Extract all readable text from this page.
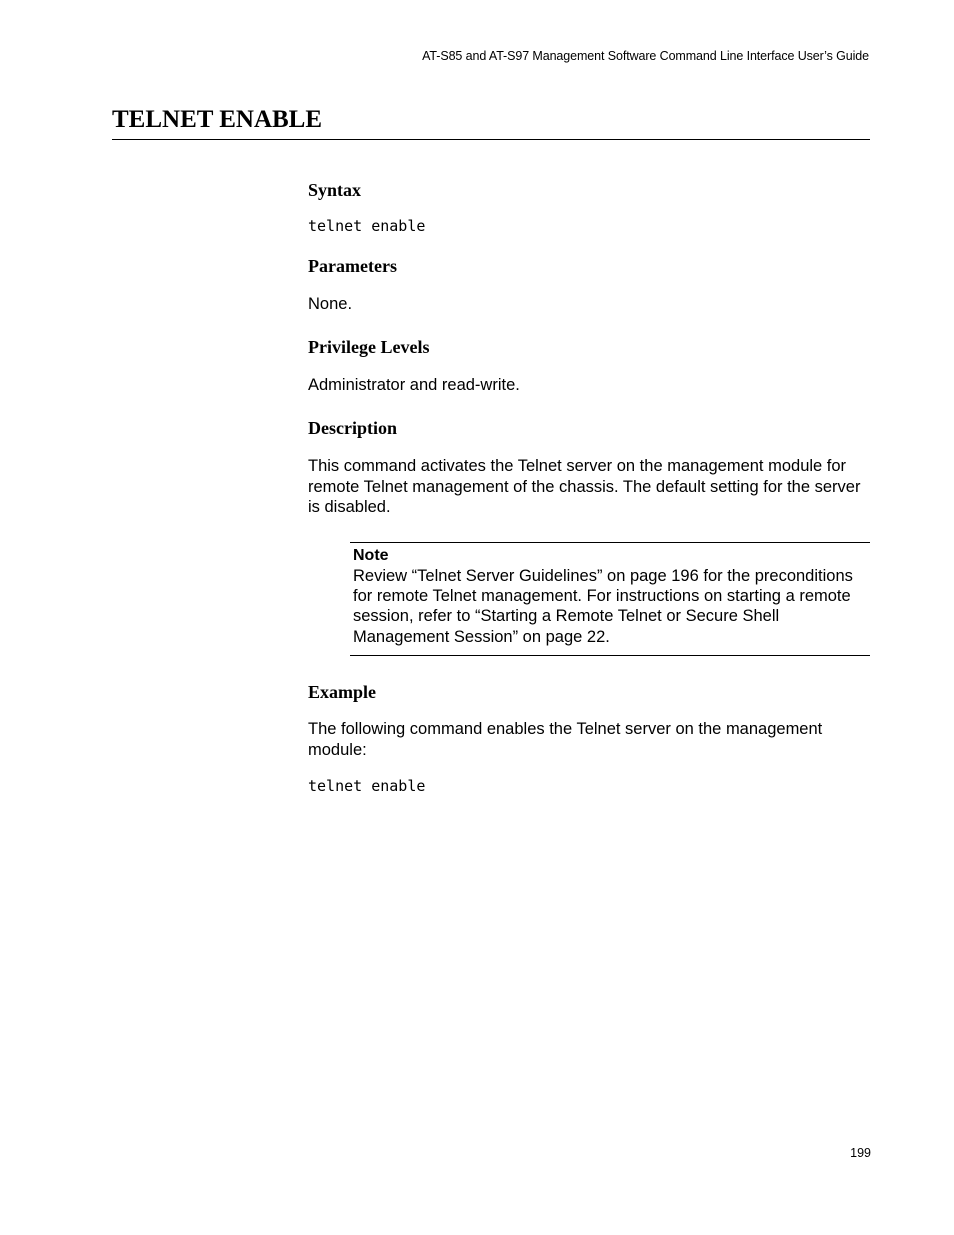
AT-S85 and AT-S97 Management Software Command Line Interface User’s Guide
TELNET ENABLE
Syntax
telnet enable
Parameters

None.

Privilege Levels

Administrator and read-write.

Description

This command activates the Telnet server on the management module for remote Telnet management of the chassis. The default setting for the server is disabled.

Note

Review “Telnet Server Guidelines” on page 196 for the preconditions for remote Telnet management. For instructions on starting a remote session, refer to “Starting a Remote Telnet or Secure Shell Management Session” on page 22.

Example

The following command enables the Telnet server on the management module:

telnet enable
199
